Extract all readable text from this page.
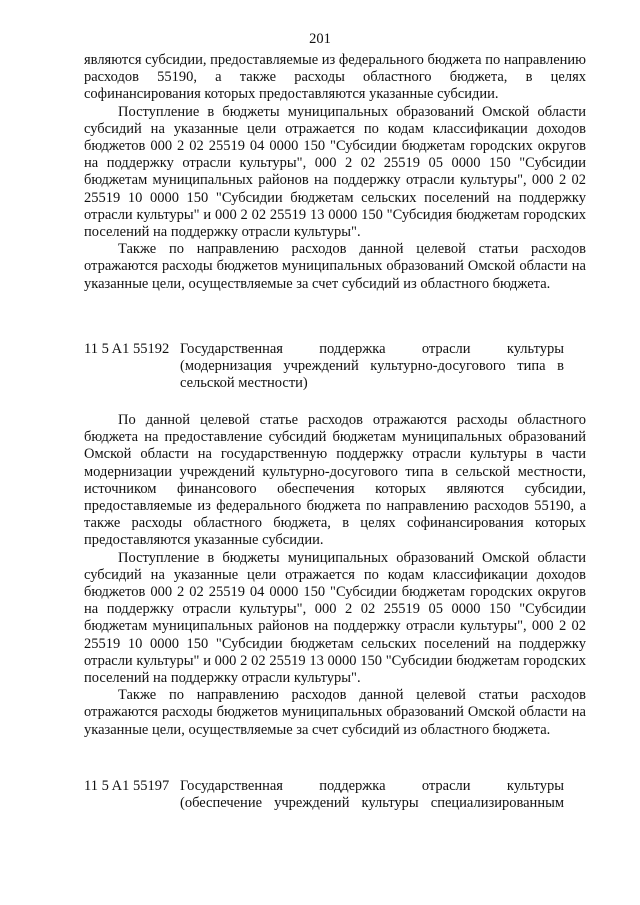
201

являются субсидии, предоставляемые из федерального бюджета по направлению расходов 55190, а также расходы областного бюджета, в целях софинансирования которых предоставляются указанные субсидии.

Поступление в бюджеты муниципальных образований Омской области субсидий на указанные цели отражается по кодам классификации доходов бюджетов 000 2 02 25519 04 0000 150 "Субсидии бюджетам городских округов на поддержку отрасли культуры", 000 2 02 25519 05 0000 150 "Субсидии бюджетам муниципальных районов на поддержку отрасли культуры", 000 2 02 25519 10 0000 150 "Субсидии бюджетам сельских поселений на поддержку отрасли культуры" и 000 2 02 25519 13 0000 150 "Субсидия бюджетам городских поселений на поддержку отрасли культуры".

Также по направлению расходов данной целевой статьи расходов отражаются расходы бюджетов муниципальных образований Омской области на указанные цели, осуществляемые за счет субсидий из областного бюджета.

11 5 A1 55192 Государственная поддержка отрасли культуры
(модернизация учреждений культурно-досугового типа в
сельской местности)

По данной целевой статье расходов отражаются расходы областного бюджета на предоставление субсидий бюджетам муниципальных образований Омской области на государственную поддержку отрасли культуры в части модернизации учреждений культурно-досугового типа в сельской местности, источником финансового обеспечения которых являются субсидии, предоставляемые из федерального бюджета по направлению расходов 55190, а также расходы областного бюджета, в целях софинансирования которых предоставляются указанные субсидии.

Поступление в бюджеты муниципальных образований Омской области субсидий на указанные цели отражается по кодам классификации доходов бюджетов 000 2 02 25519 04 0000 150 "Субсидии бюджетам городских округов на поддержку отрасли культуры", 000 2 02 25519 05 0000 150 "Субсидии бюджетам муниципальных районов на поддержку отрасли культуры", 000 2 02 25519 10 0000 150 "Субсидии бюджетам сельских поселений на поддержку отрасли культуры" и 000 2 02 25519 13 0000 150 "Субсидии бюджетам городских поселений на поддержку отрасли культуры".

Также по направлению расходов данной целевой статьи расходов отражаются расходы бюджетов муниципальных образований Омской области на указанные цели, осуществляемые за счет субсидий из областного бюджета.

11 5 A1 55197 Государственная поддержка отрасли культуры
(обеспечение учреждений культуры специализированным
